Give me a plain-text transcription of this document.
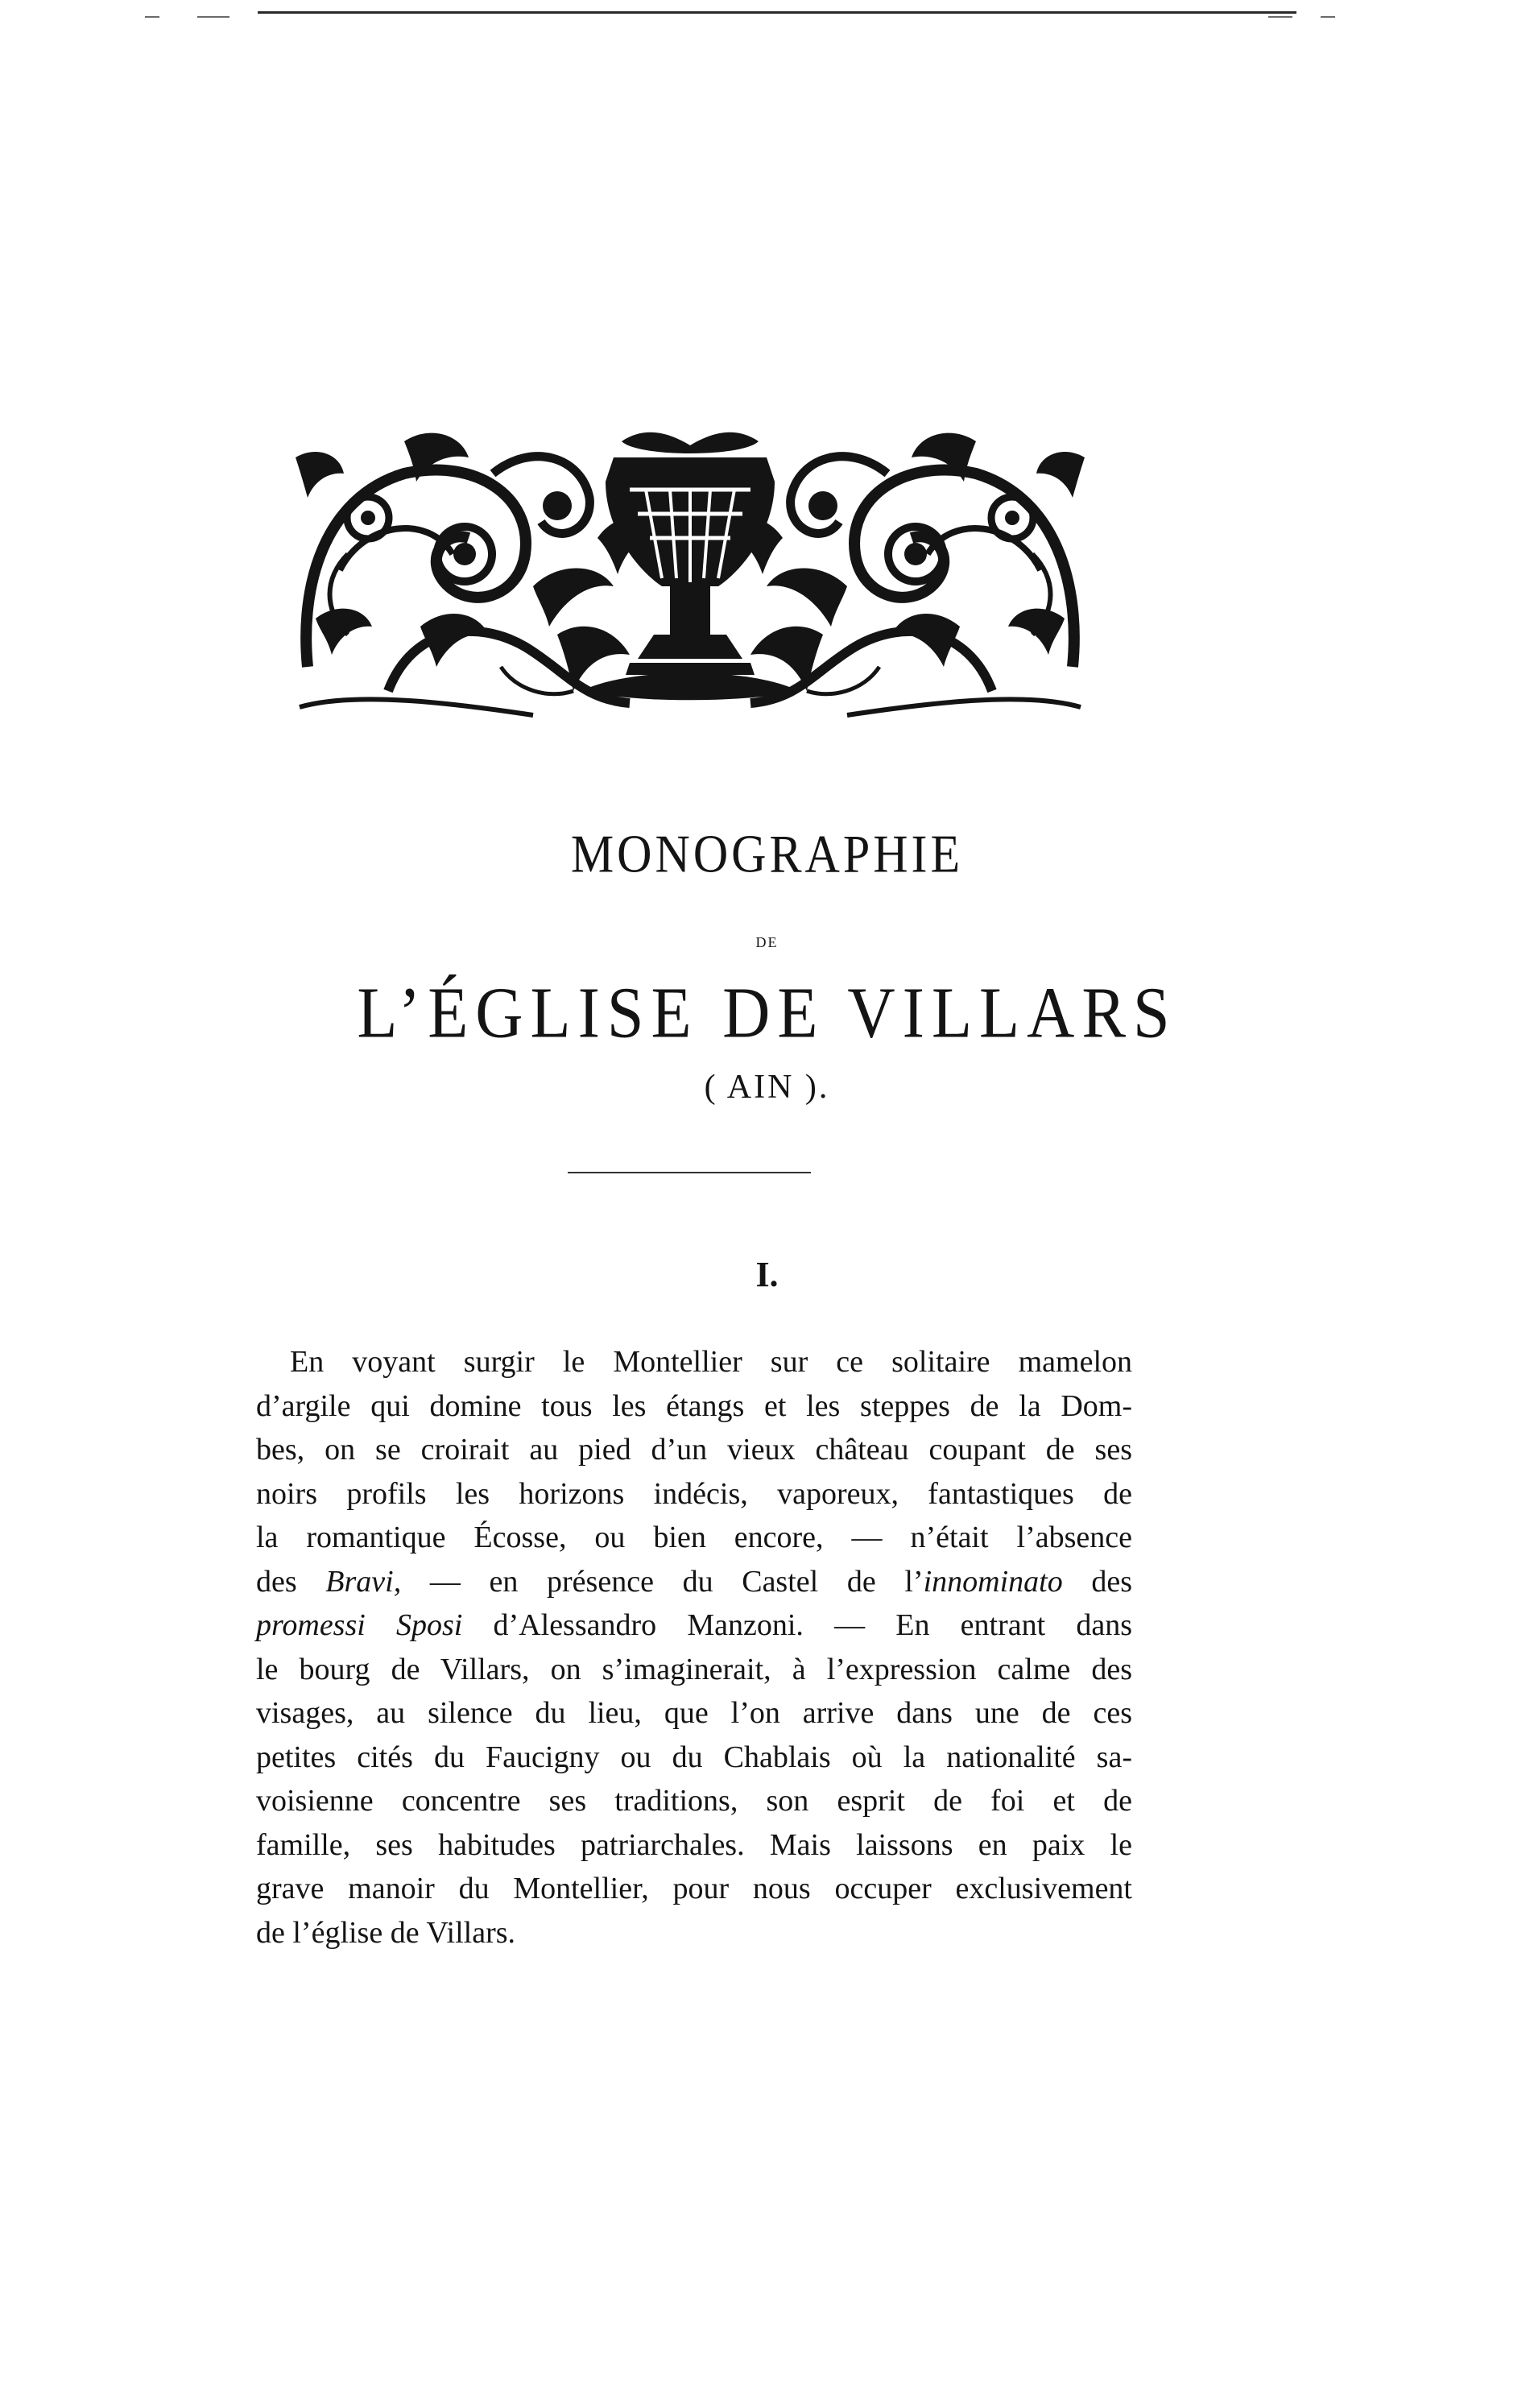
MONOGRAPHIE
DE
L’ÉGLISE DE VILLARS
( AIN ).
I.
En voyant surgir le Montellier sur ce solitaire mamelon
d’argile qui domine tous les étangs et les steppes de la Dom-
bes, on se croirait au pied d’un vieux château coupant de ses
noirs profils les horizons indécis, vaporeux, fantastiques de
la romantique Écosse, ou bien encore, — n’était l’absence
des Bravi, — en présence du Castel de l’innominato des
promessi Sposi d’Alessandro Manzoni. — En entrant dans
le bourg de Villars, on s’imaginerait, à l’expression calme des
visages, au silence du lieu, que l’on arrive dans une de ces
petites cités du Faucigny ou du Chablais où la nationalité sa-
voisienne concentre ses traditions, son esprit de foi et de
famille, ses habitudes patriarchales. Mais laissons en paix le
grave manoir du Montellier, pour nous occuper exclusivement
de l’église de Villars.
